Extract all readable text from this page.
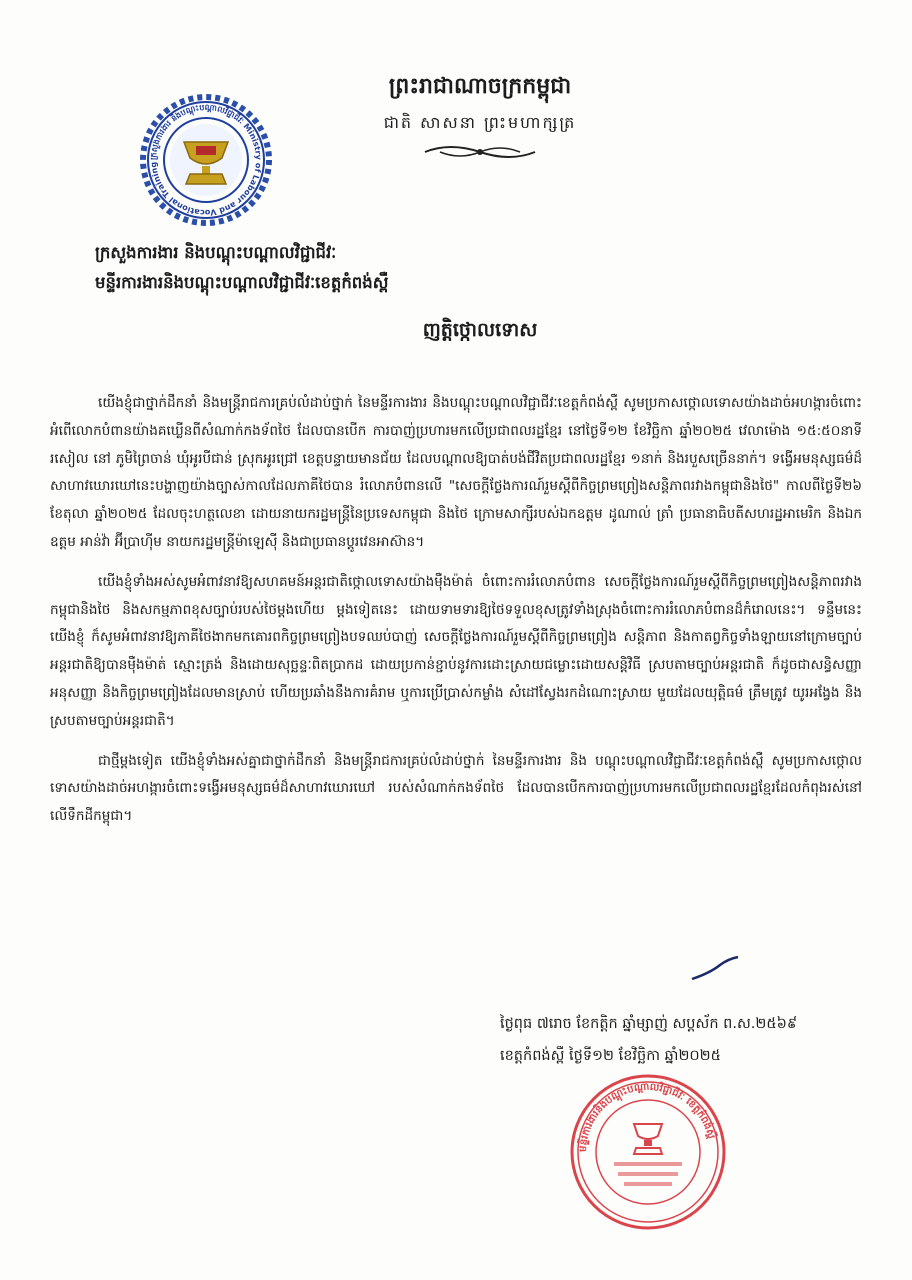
ក្រសួងការងារ និងបណ្តុះបណ្តាលវិជ្ជាជីវៈ Ministry of Labour and Vocational Training
ព្រះរាជាណាចក្រកម្ពុជា

ជាតិ សាសនា ព្រះមហាក្សត្រ

ក្រសួងការងារ និងបណ្តុះបណ្តាលវិជ្ជាជីវៈ
មន្ទីរការងារនិងបណ្តុះបណ្តាលវិជ្ជាជីវៈខេត្តកំពង់ស្ពឺ
ញត្តិថ្កោលទោស

យើងខ្ញុំជាថ្នាក់ដឹកនាំ និងមន្ត្រីរាជការគ្រប់លំដាប់ថ្នាក់ នៃមន្ទីរការងារ និងបណ្តុះបណ្តាលវិជ្ជាជីវៈខេត្តកំពង់ស្ពឺ សូមប្រកាសថ្កោលទោសយ៉ាងដាច់អហង្ការចំពោះអំពើលោកបំពានយ៉ាងគឃ្លើនពីសំណាក់កងទ័ពថៃ ដែលបានបើក ការបាញ់ប្រហារមកលើប្រជាពលរដ្ឋខ្មែរ នៅថ្ងៃទី១២ ខែវិច្ឆិកា ឆ្នាំ២០២៥ វេលាម៉ោង ១៥:៥០នាទីរសៀល នៅ ភូមិព្រៃចាន់ ឃុំអូរបីជាន់ ស្រុកអូរជ្រៅ ខេត្តបន្ទាយមានជ័យ ដែលបណ្តាលឱ្យបាត់បង់ជីវិតប្រជាពលរដ្ឋខ្មែរ ១នាក់ និងរបួសច្រើននាក់។ ទង្វើអមនុស្សធម៌ដ៏សាហាវឃោរឃៅនេះបង្ហាញយ៉ាងច្បាស់កាលដែលភាគីថៃបាន រំលោភបំពានលើ "សេចក្តីថ្លែងការណ៍រួមស្តីពីកិច្ចព្រមព្រៀងសន្តិភាពរវាងកម្ពុជានិងថៃ" កាលពីថ្ងៃទី២៦ ខែតុលា ឆ្នាំ២០២៥ ដែលចុះហត្ថលេខា ដោយនាយករដ្ឋមន្ត្រីនៃប្រទេសកម្ពុជា និងថៃ ក្រោមសាក្សីរបស់ឯកឧត្តម ដូណាល់ ត្រាំ ប្រធានាធិបតីសហរដ្ឋអាមេរិក និងឯកឧត្តម អាន់វ៉ា អ៊ីប្រាហ៊ីម នាយករដ្ឋមន្ត្រីម៉ាឡេស៊ី និងជាប្រធានប្តូរវេនអាស៊ាន។

យើងខ្ញុំទាំងអស់សូមអំពាវនាវឱ្យសហគមន៍អន្តរជាតិថ្កោលទោសយ៉ាងម៉ឺងម៉ាត់ ចំពោះការរំលោភបំពាន សេចក្តីថ្លែងការណ៍រួមស្តីពីកិច្ចព្រមព្រៀងសន្តិភាពរវាងកម្ពុជានិងថៃ និងសកម្មភាពខុសច្បាប់របស់ថៃម្តងហើយ ម្តងទៀតនេះ ដោយទាមទារឱ្យថៃទទួលខុសត្រូវទាំងស្រុងចំពោះការរំលោភបំពានដ៏កំរោលនេះ។ ទន្ទឹមនេះ យើងខ្ញុំ ក៏សូមអំពាវនាវឱ្យភាគីថៃងាកមកគោរពកិច្ចព្រមព្រៀងបទឈប់បាញ់ សេចក្តីថ្លែងការណ៍រួមស្តីពីកិច្ចព្រមព្រៀង សន្តិភាព និងកាតព្វកិច្ចទាំងឡាយនៅក្រោមច្បាប់អន្តរជាតិឱ្យបានម៉ឺងម៉ាត់ ស្មោះត្រង់ និងដោយសុច្ឆន្ទៈពិតប្រាកដ ដោយប្រកាន់ខ្ជាប់នូវការដោះស្រាយជម្លោះដោយសន្តិវិធី ស្របតាមច្បាប់អន្តរជាតិ ក៏ដូចជាសន្ធិសញ្ញា អនុសញ្ញា និងកិច្ចព្រមព្រៀងដែលមានស្រាប់ ហើយប្រឆាំងនឹងការគំរាម ឬការប្រើប្រាស់កម្លាំង សំដៅស្វែងរកដំណោះស្រាយ មួយដែលយុត្តិធម៌ ត្រឹមត្រូវ យូរអង្វែង និងស្របតាមច្បាប់អន្តរជាតិ។

ជាថ្មីម្តងទៀត យើងខ្ញុំទាំងអស់គ្នាជាថ្នាក់ដឹកនាំ និងមន្ត្រីរាជការគ្រប់លំដាប់ថ្នាក់ នៃមន្ទីរការងារ និង បណ្តុះបណ្តាលវិជ្ជាជីវៈខេត្តកំពង់ស្ពឺ សូមប្រកាសថ្កោលទោសយ៉ាងដាច់អហង្ការចំពោះទង្វើអមនុស្សធម៌ដ៏សាហាវឃោរឃៅ របស់សំណាក់កងទ័ពថៃ ដែលបានបើកការបាញ់ប្រហារមកលើប្រជាពលរដ្ឋខ្មែរដែលកំពុងរស់នៅលើទឹកដីកម្ពុជា។

ថ្ងៃពុធ ៧រោច ខែកត្តិក ឆ្នាំម្សាញ់ សប្តស័ក ព.ស.២៥៦៩
ខេត្តកំពង់ស្ពឺ ថ្ងៃទី១២ ខែវិច្ឆិកា ឆ្នាំ២០២៥
មន្ទីរការងារនិងបណ្តុះបណ្តាលវិជ្ជាជីវៈ ខេត្តកំពង់ស្ពឺ
